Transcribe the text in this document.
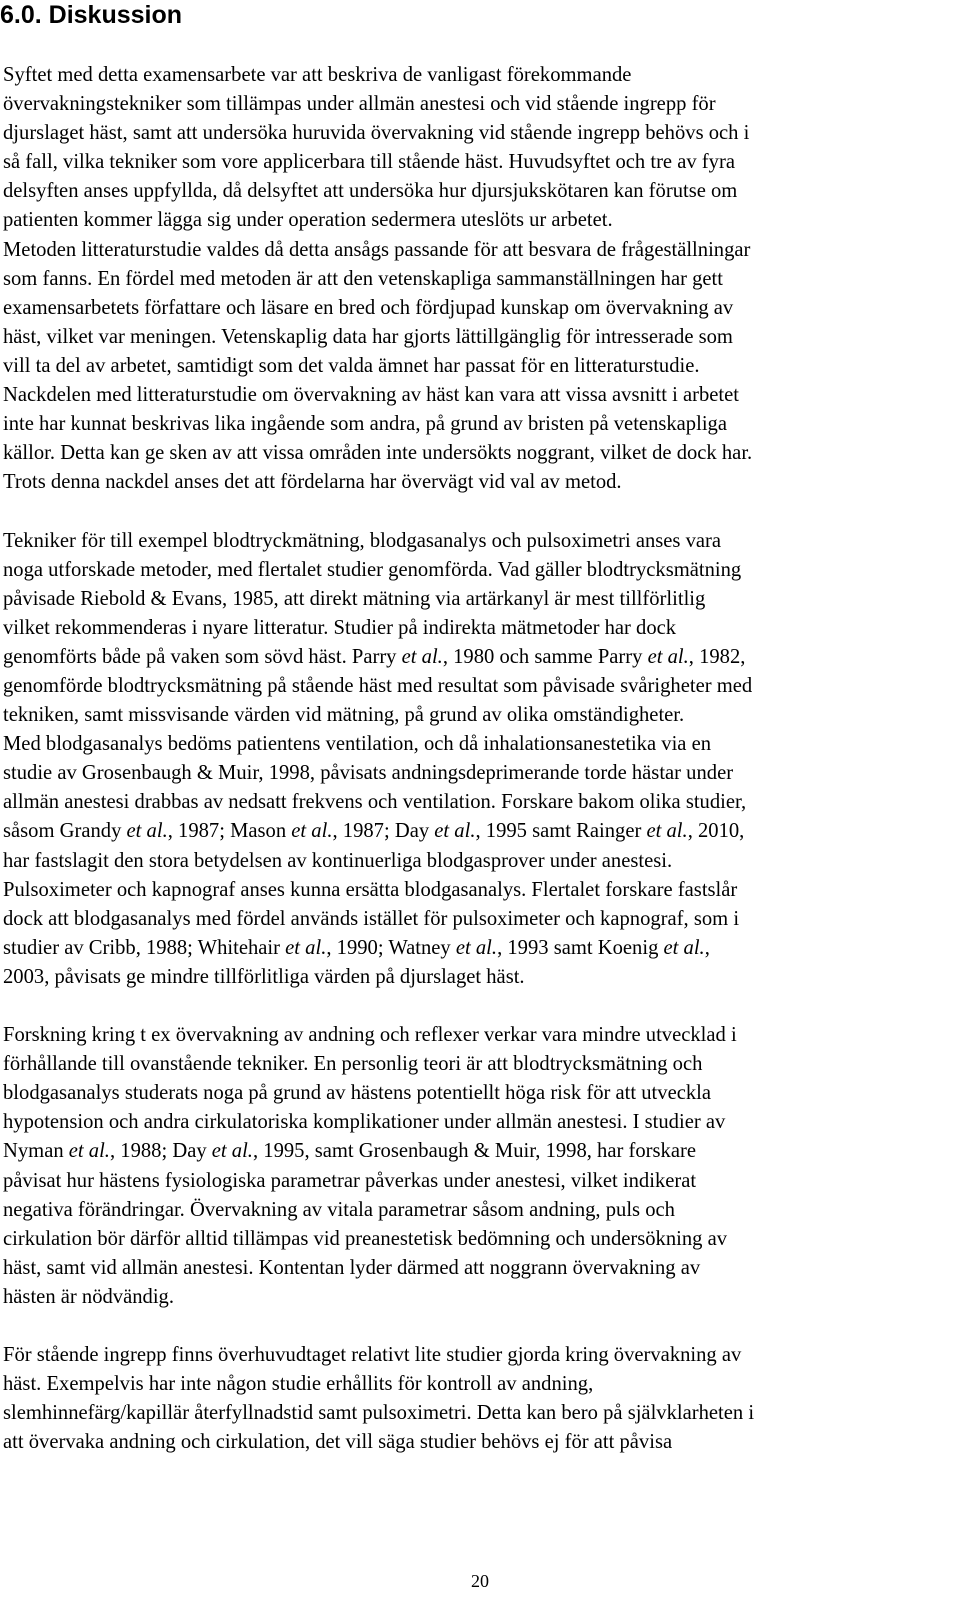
6.0. Diskussion

Syftet med detta examensarbete var att beskriva de vanligast förekommande
övervakningstekniker som tillämpas under allmän anestesi och vid stående ingrepp för
djurslaget häst, samt att undersöka huruvida övervakning vid stående ingrepp behövs och i
så fall, vilka tekniker som vore applicerbara till stående häst. Huvudsyftet och tre av fyra
delsyften anses uppfyllda, då delsyftet att undersöka hur djursjukskötaren kan förutse om
patienten kommer lägga sig under operation sedermera uteslöts ur arbetet.
Metoden litteraturstudie valdes då detta ansågs passande för att besvara de frågeställningar
som fanns. En fördel med metoden är att den vetenskapliga sammanställningen har gett
examensarbetets författare och läsare en bred och fördjupad kunskap om övervakning av
häst, vilket var meningen. Vetenskaplig data har gjorts lättillgänglig för intresserade som
vill ta del av arbetet, samtidigt som det valda ämnet har passat för en litteraturstudie.
Nackdelen med litteraturstudie om övervakning av häst kan vara att vissa avsnitt i arbetet
inte har kunnat beskrivas lika ingående som andra, på grund av bristen på vetenskapliga
källor. Detta kan ge sken av att vissa områden inte undersökts noggrant, vilket de dock har.
Trots denna nackdel anses det att fördelarna har övervägt vid val av metod.

Tekniker för till exempel blodtryckmätning, blodgasanalys och pulsoximetri anses vara
noga utforskade metoder, med flertalet studier genomförda. Vad gäller blodtrycksmätning
påvisade Riebold & Evans, 1985, att direkt mätning via artärkanyl är mest tillförlitlig
vilket rekommenderas i nyare litteratur. Studier på indirekta mätmetoder har dock
genomförts både på vaken som sövd häst. Parry et al., 1980 och samme Parry et al., 1982,
genomförde blodtrycksmätning på stående häst med resultat som påvisade svårigheter med
tekniken, samt missvisande värden vid mätning, på grund av olika omständigheter.
Med blodgasanalys bedöms patientens ventilation, och då inhalationsanestetika via en
studie av Grosenbaugh & Muir, 1998, påvisats andningsdeprimerande torde hästar under
allmän anestesi drabbas av nedsatt frekvens och ventilation. Forskare bakom olika studier,
såsom Grandy et al., 1987; Mason et al., 1987; Day et al., 1995 samt Rainger et al., 2010,
har fastslagit den stora betydelsen av kontinuerliga blodgasprover under anestesi.
Pulsoximeter och kapnograf anses kunna ersätta blodgasanalys. Flertalet forskare fastslår
dock att blodgasanalys med fördel används istället för pulsoximeter och kapnograf, som i
studier av Cribb, 1988; Whitehair et al., 1990; Watney et al., 1993 samt Koenig et al.,
2003, påvisats ge mindre tillförlitliga värden på djurslaget häst.

Forskning kring t ex övervakning av andning och reflexer verkar vara mindre utvecklad i
förhållande till ovanstående tekniker. En personlig teori är att blodtrycksmätning och
blodgasanalys studerats noga på grund av hästens potentiellt höga risk för att utveckla
hypotension och andra cirkulatoriska komplikationer under allmän anestesi. I studier av
Nyman et al., 1988; Day et al., 1995, samt Grosenbaugh & Muir, 1998, har forskare
påvisat hur hästens fysiologiska parametrar påverkas under anestesi, vilket indikerat
negativa förändringar. Övervakning av vitala parametrar såsom andning, puls och
cirkulation bör därför alltid tillämpas vid preanestetisk bedömning och undersökning av
häst, samt vid allmän anestesi. Kontentan lyder därmed att noggrann övervakning av
hästen är nödvändig.

För stående ingrepp finns överhuvudtaget relativt lite studier gjorda kring övervakning av
häst. Exempelvis har inte någon studie erhållits för kontroll av andning,
slemhinnefärg/kapillär återfyllnadstid samt pulsoximetri. Detta kan bero på självklarheten i
att övervaka andning och cirkulation, det vill säga studier behövs ej för att påvisa

20
